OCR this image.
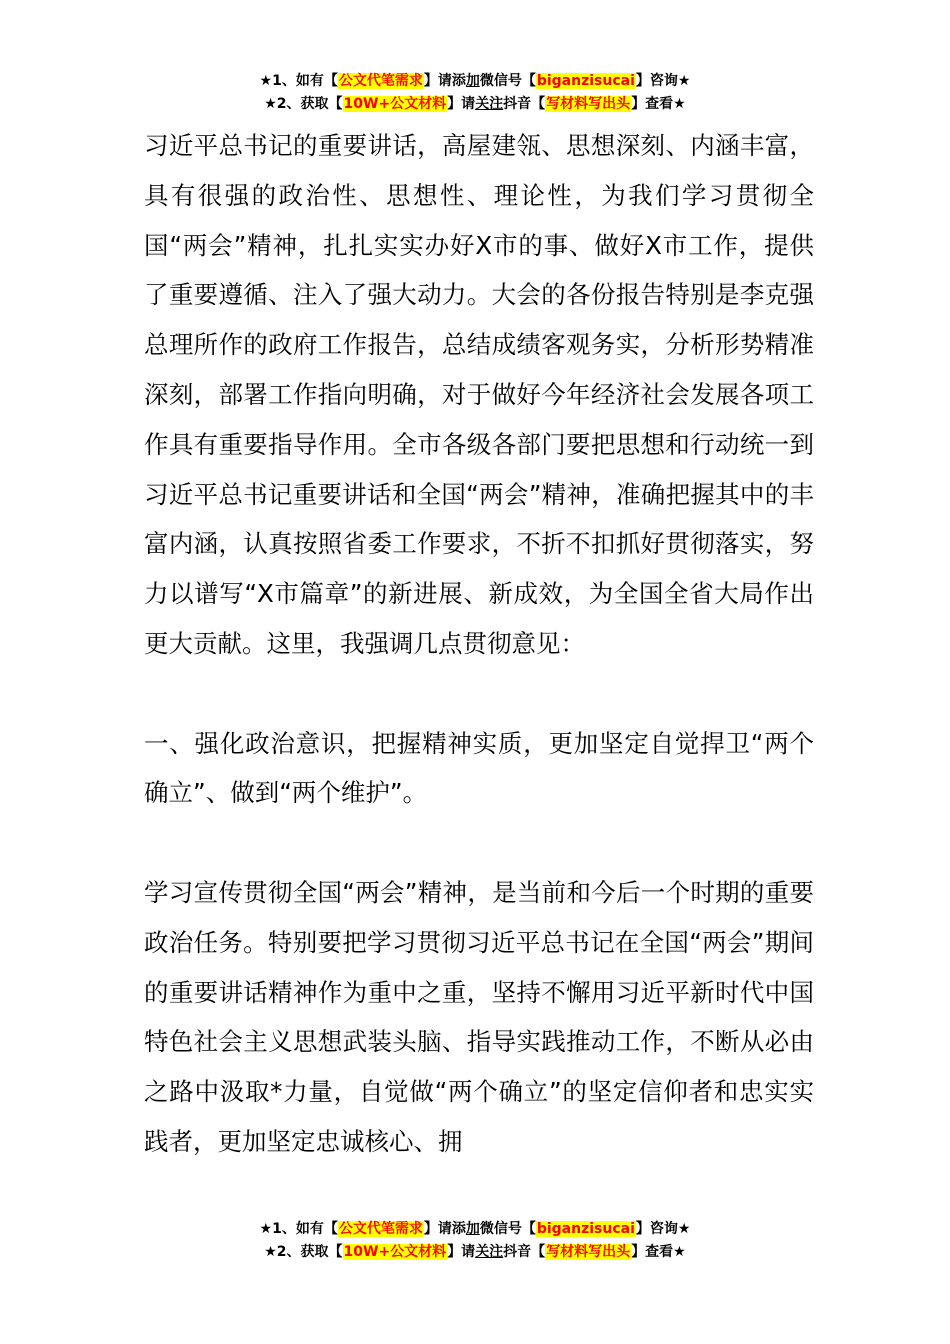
★1、如有【公文代笔需求】请添加微信号【biganzisucai】咨询★
★2、获取【10W+公文材料】请关注抖音【写材料写出头】查看★

习近平总书记的重要讲话，高屋建瓴、思想深刻、内涵丰富，具有很强的政治性、思想性、理论性，为我们学习贯彻全国“两会”精神，扎扎实实办好X市的事、做好X市工作，提供了重要遵循、注入了强大动力。大会的各份报告特别是李克强总理所作的政府工作报告，总结成绩客观务实，分析形势精准深刻，部署工作指向明确，对于做好今年经济社会发展各项工作具有重要指导作用。全市各级各部门要把思想和行动统一到习近平总书记重要讲话和全国“两会”精神，准确把握其中的丰富内涵，认真按照省委工作要求，不折不扣抓好贯彻落实，努力以谱写“X市篇章”的新进展、新成效，为全国全省大局作出更大贡献。这里，我强调几点贯彻意见：

一、强化政治意识，把握精神实质，更加坚定自觉捍卫“两个确立”、做到“两个维护”。

学习宣传贯彻全国“两会”精神，是当前和今后一个时期的重要政治任务。特别要把学习贯彻习近平总书记在全国“两会”期间的重要讲话精神作为重中之重，坚持不懈用习近平新时代中国特色社会主义思想武装头脑、指导实践推动工作，不断从必由之路中汲取*力量，自觉做“两个确立”的坚定信仰者和忠实实践者，更加坚定忠诚核心、拥

★1、如有【公文代笔需求】请添加微信号【biganzisucai】咨询★
★2、获取【10W+公文材料】请关注抖音【写材料写出头】查看★
